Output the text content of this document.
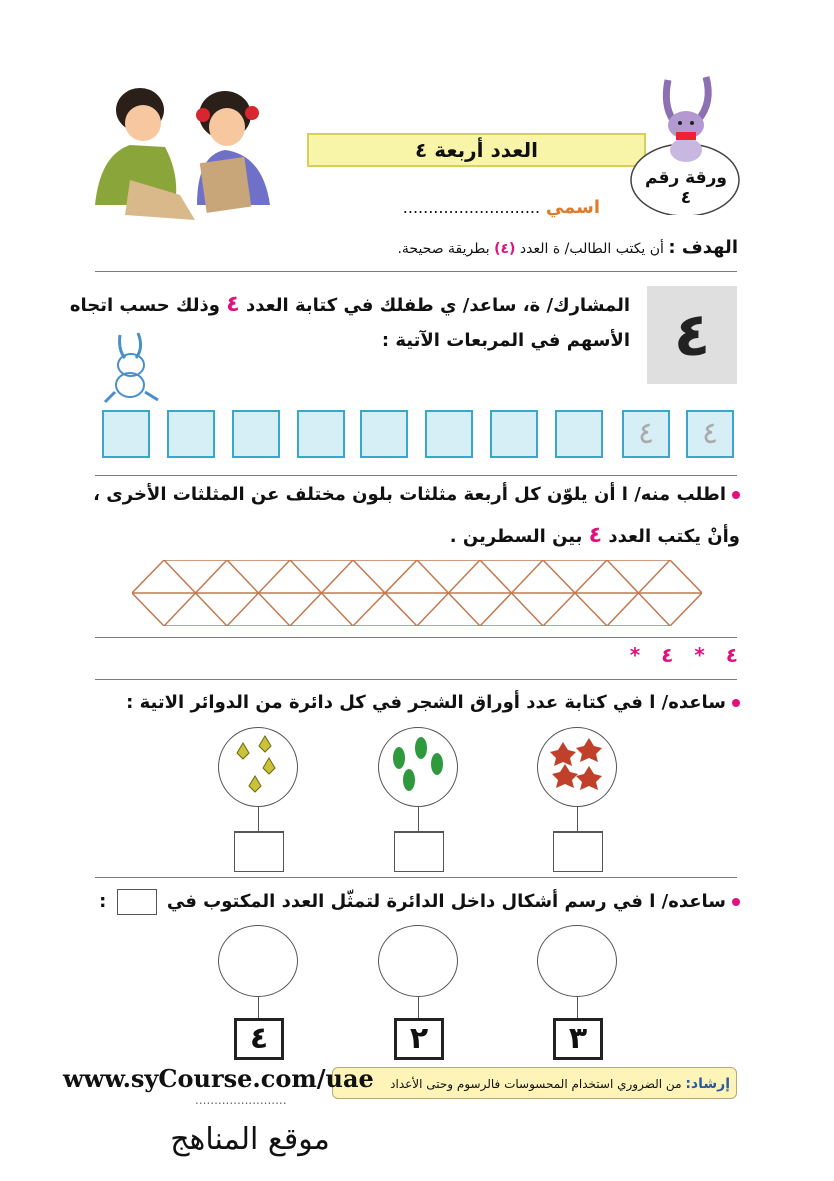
العدد أربعة ٤
ورقة رقم ٤
اسمي ...........................
الهدف : أن يكتب الطالب/ ة العدد (٤) بطريقة صحيحة.
٤
المشارك/ ة، ساعد/ ي طفلك في كتابة العدد ٤ وذلك حسب اتجاه
الأسهم في المربعات الآتية :
٤	٤
اطلب منه/ ا أن يلوّن كل أربعة مثلثات بلون مختلف عن المثلثات الأخرى ،
وأنْ يكتب العدد ٤ بين السطرين .
٤ * ٤ *
ساعده/ ا في كتابة عدد أوراق الشجر في كل دائرة من الدوائر الاتية :
ساعده/ ا في رسم أشكال داخل الدائرة لتمثّل العدد المكتوب في  :
٤	٢	٣
إرشاد: من الضروري استخدام المحسوسات فالرسوم وحتى الأعداد
www.syCourse.com/uae
........................
موقع المناهج
